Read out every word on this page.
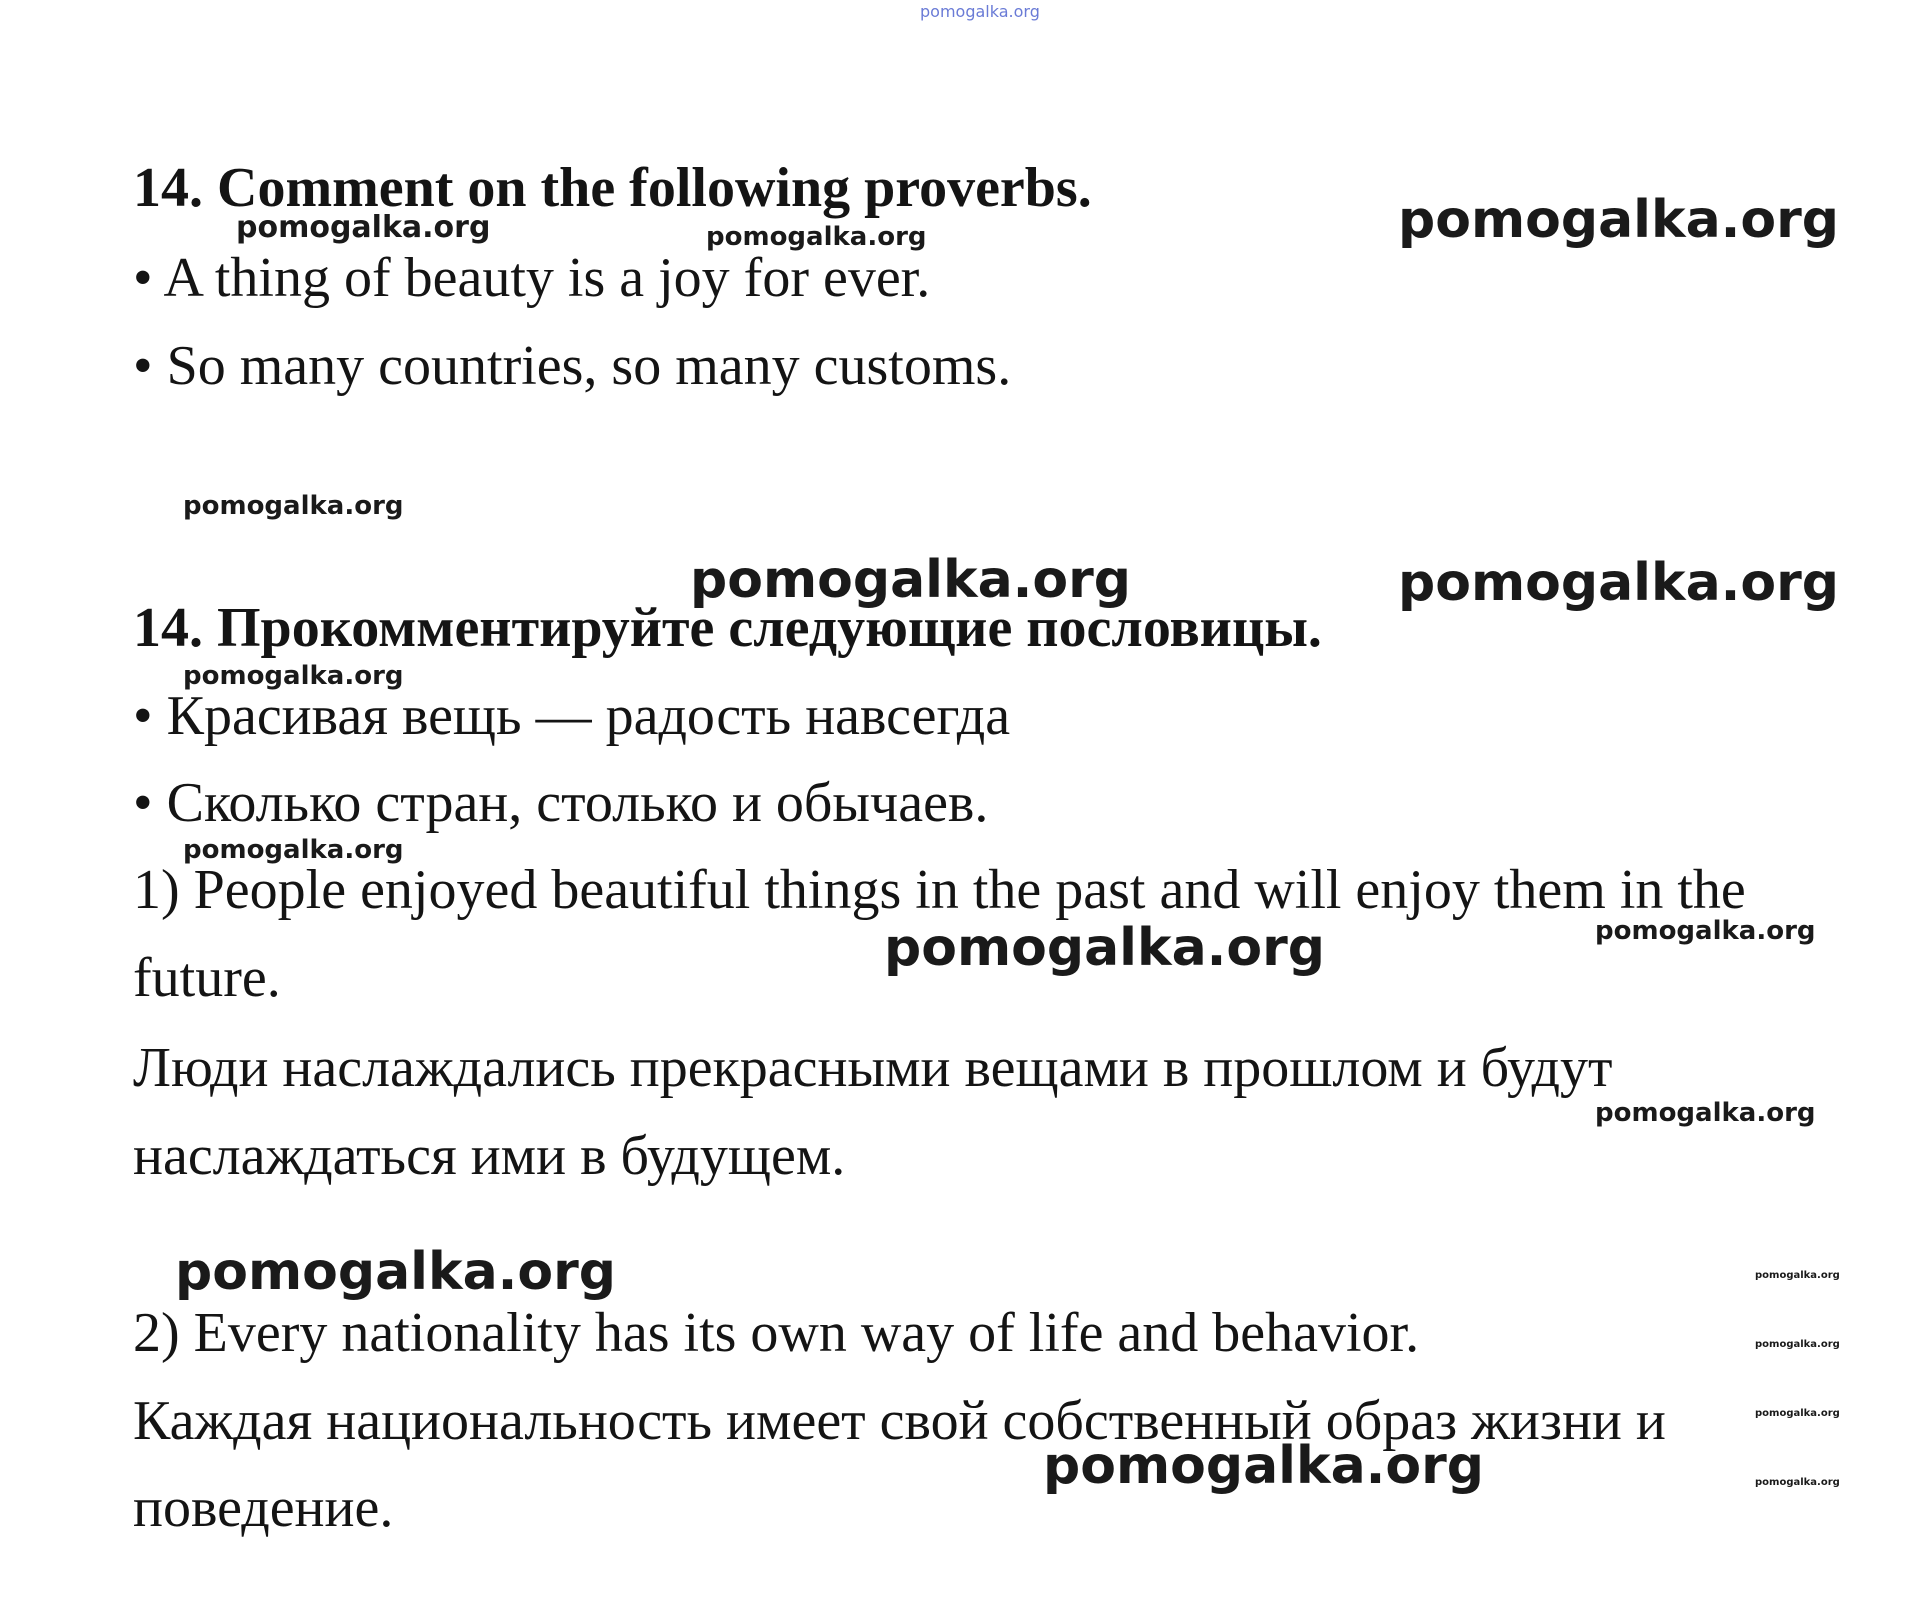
pomogalka.org
14. Comment on the following proverbs.
• A thing of beauty is a joy for ever.
• So many countries, so many customs.
14. Прокомментируйте следующие пословицы.
• Красивая вещь — радость навсегда
• Сколько стран, столько и обычаев.
1) People enjoyed beautiful things in the past and will enjoy them in the
future.
Люди наслаждались прекрасными вещами в прошлом и будут
наслаждаться ими в будущем.
2) Every nationality has its own way of life and behavior.
Каждая национальность имеет свой собственный образ жизни и
поведение.
pomogalka.org
pomogalka.org	pomogalka.org
pomogalka.org
pomogalka.org	pomogalka.org
pomogalka.org
pomogalka.org
pomogalka.org
pomogalka.org
pomogalka.org
pomogalka.org	pomogalka.org
pomogalka.org
pomogalka.org
pomogalka.org	pomogalka.org
